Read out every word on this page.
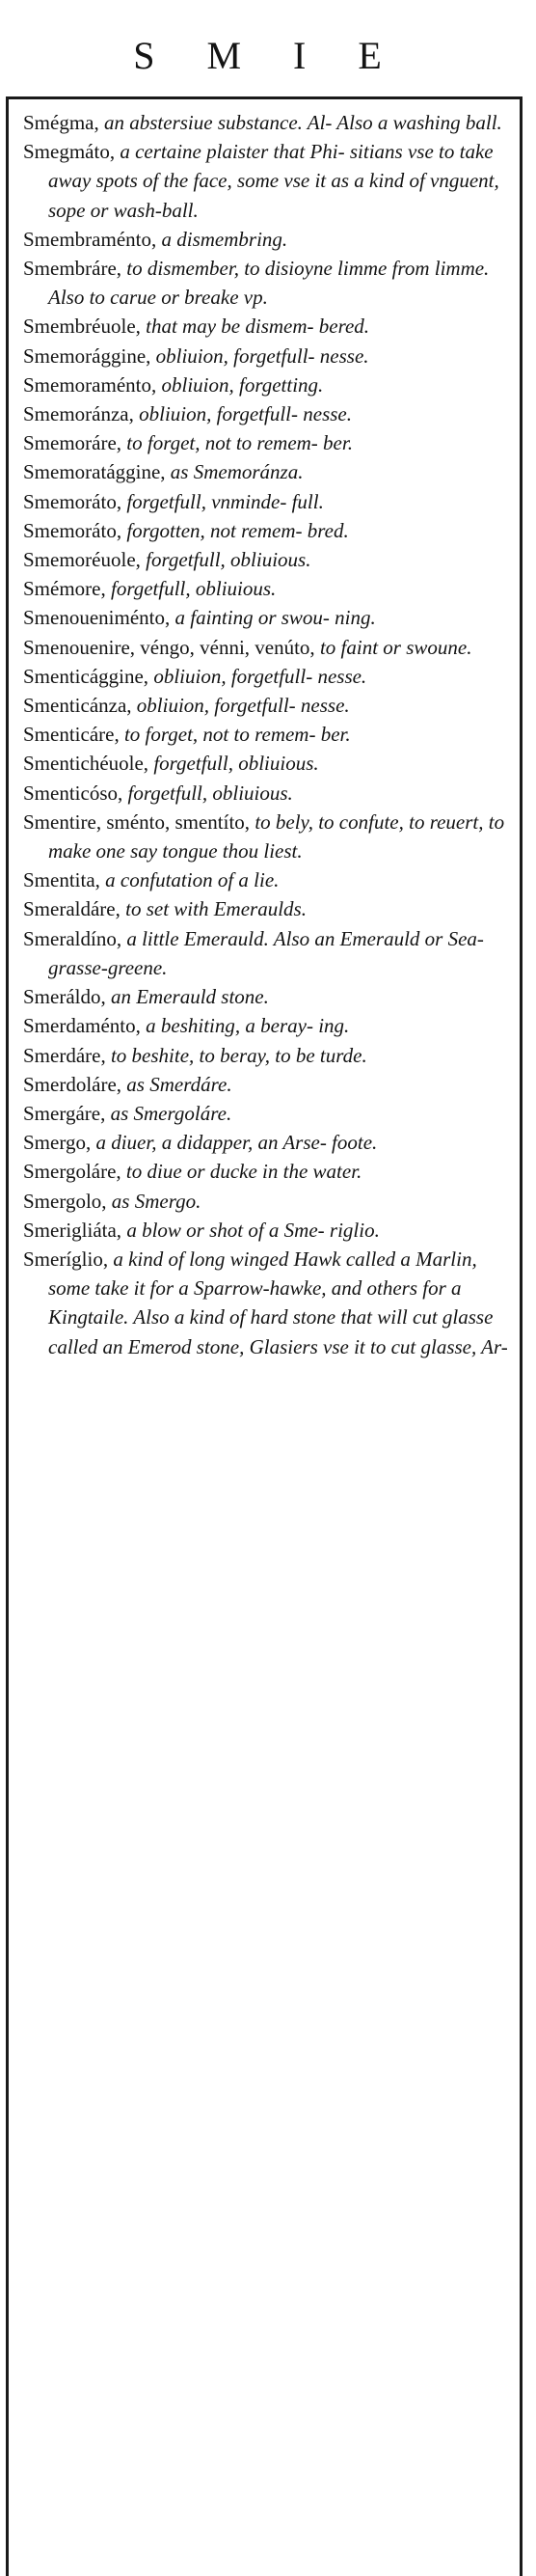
S M I E

Smégma, an abstersiue substance. Al- Also a washing ball.

Smegmáto, a certaine plaister that Phi- sitians vse to take away spots of the face, some vse it as a kind of vnguent, sope or wash-ball.

Smembraménto, a dismembring.

Smembráre, to dismember, to disioyne limme from limme. Also to carue or breake vp.

Smembréuole, that may be dismem- bered.

Smemorággine, obliuion, forgetfull- nesse.

Smemoraménto, obliuion, forgetting.

Smemoránza, obliuion, forgetfull- nesse.

Smemoráre, to forget, not to remem- ber.

Smemoratággine, as Smemoránza.

Smemoráto, forgetfull, vnminde- full.

Smemoráto, forgotten, not remem- bred.

Smemoréuole, forgetfull, obliuious.

Smémore, forgetfull, obliuious.

Smenoueniménto, a fainting or swou- ning.

Smenouenire, véngo, vénni, venúto, to faint or swoune.

Smenticággine, obliuion, forgetfull- nesse.

Smenticánza, obliuion, forgetfull- nesse.

Smenticáre, to forget, not to remem- ber.

Smentichéuole, forgetfull, obliuious.

Smenticóso, forgetfull, obliuious.

Smentire, sménto, smentíto, to bely, to confute, to reuert, to make one say tongue thou liest.

Smentita, a confutation of a lie.

Smeraldáre, to set with Emeraulds.

Smeraldíno, a little Emerauld. Also an Emerauld or Sea-grasse-greene.

Smeráldo, an Emerauld stone.

Smerdaménto, a beshiting, a beray- ing.

Smerdáre, to beshite, to beray, to be turde.

Smerdoláre, as Smerdáre.

Smergáre, as Smergoláre.

Smergo, a diuer, a didapper, an Arse- foote.

Smergoláre, to diue or ducke in the water.

Smergolo, as Smergo.

Smerigliáta, a blow or shot of a Sme- riglio.

Smeríglio, a kind of long winged Hawk called a Marlin, some take it for a Sparrow-hawke, and others for a Kingtaile. Also a kind of hard stone that will cut glasse called an Emerod stone, Glasiers vse it to cut glasse, Ar-
